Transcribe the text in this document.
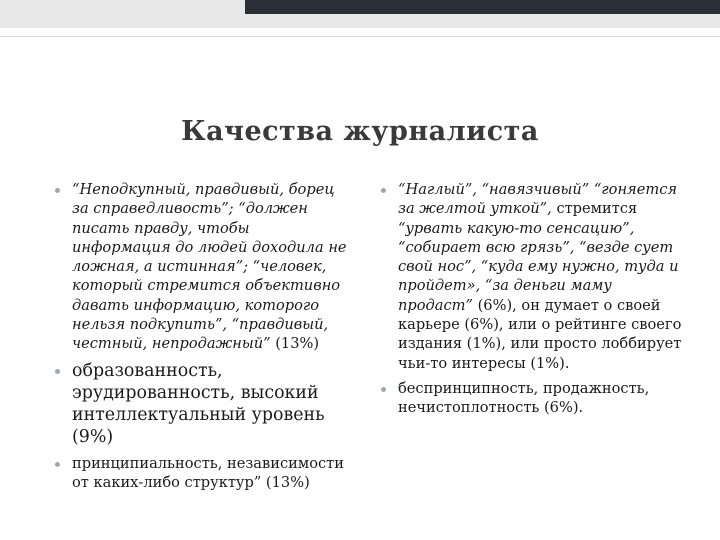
Качества журналиста
“Неподкупный, правдивый, борец за справедливость”; “должен писать правду, чтобы информация до людей доходила не ложная, а истинная”; “человек, который стремится объективно давать информацию, которого нельзя подкупить”, “правдивый, честный, непродажный” (13%)
образованность, эрудированность, высокий интеллектуальный уровень (9%)
принципиальность, независимости от каких-либо структур” (13%)
“Наглый”, “навязчивый” “гоняется за желтой уткой”, стремится “урвать какую-то сенсацию”, “собирает всю грязь”, “везде сует свой нос”, “куда ему нужно, туда и пройдет», “за деньги маму продаст” (6%), он думает о своей карьере (6%), или о рейтинге своего издания (1%), или просто лоббирует чьи-то интересы (1%).
беспринципность, продажность, нечистоплотность (6%).
